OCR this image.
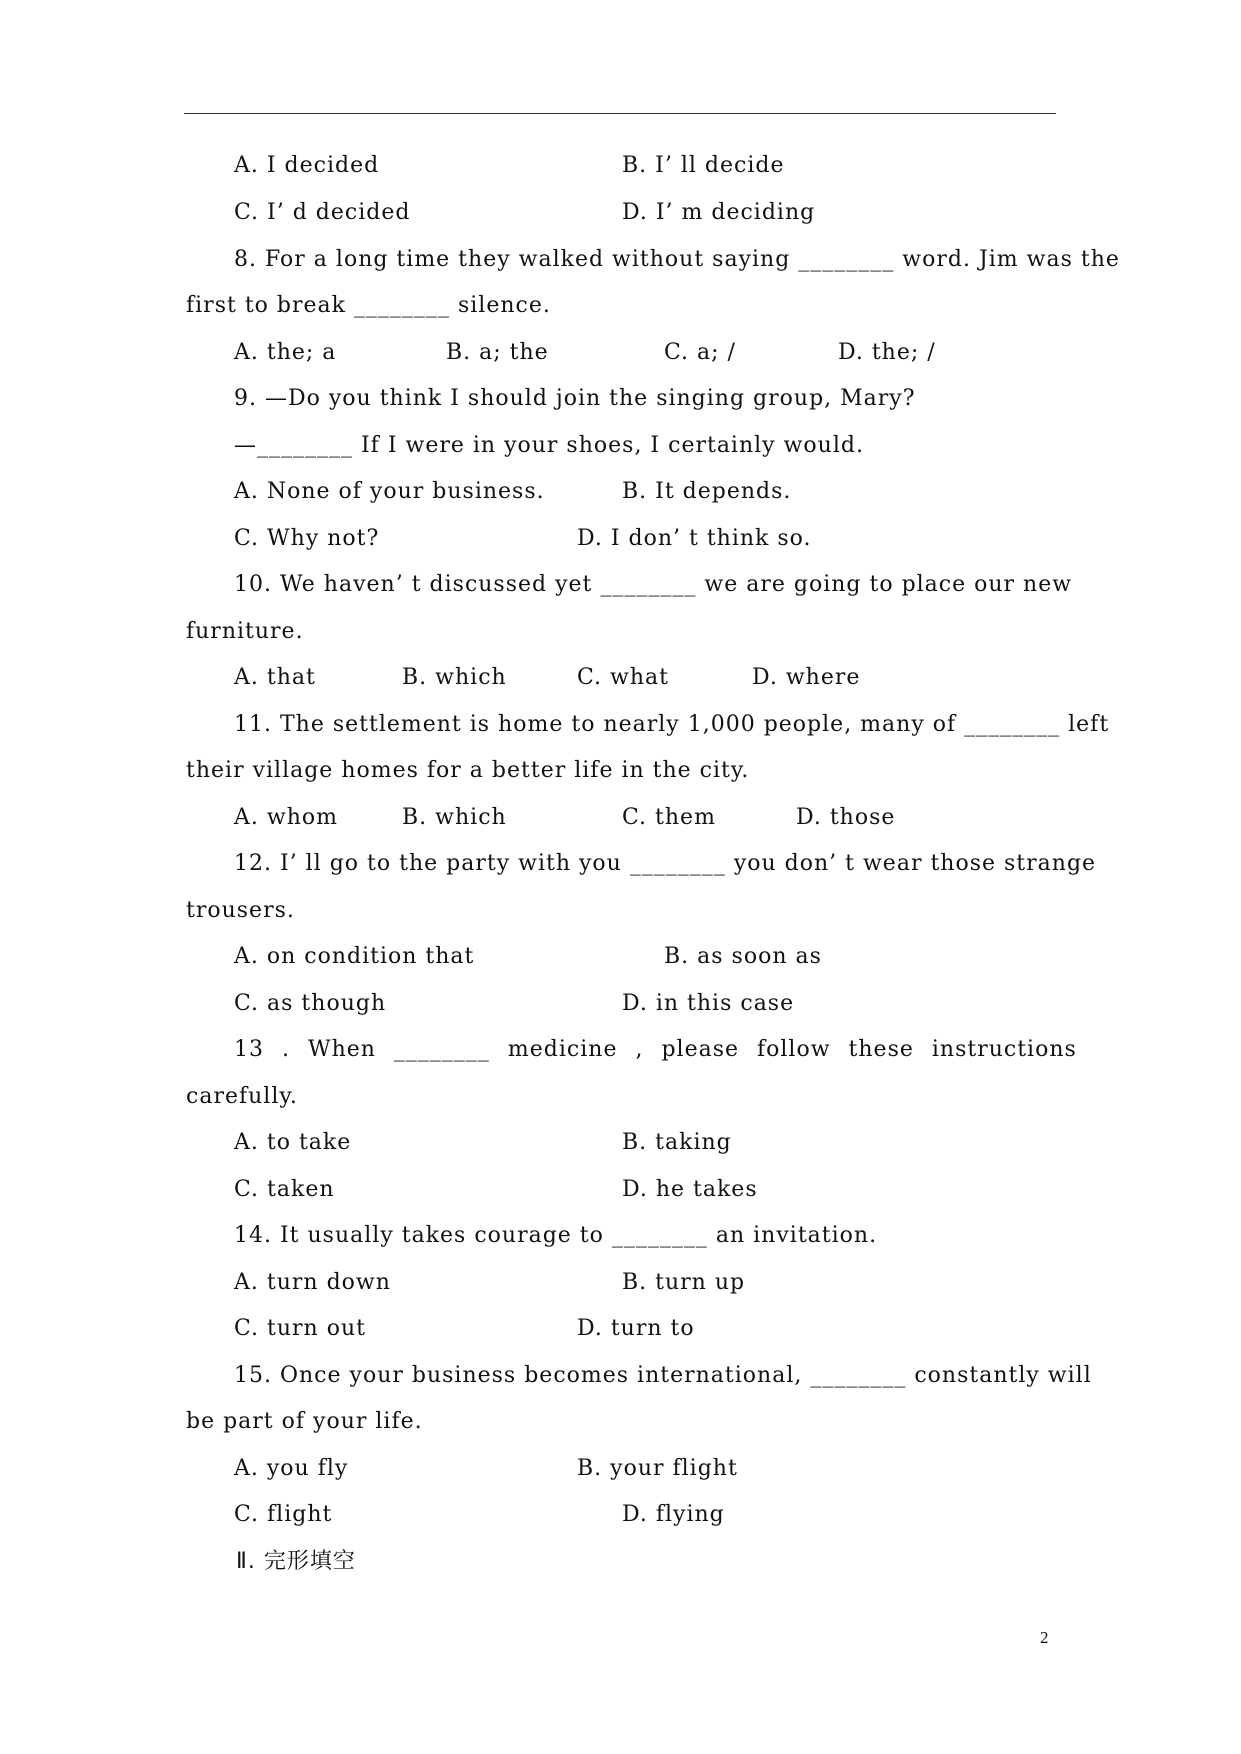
A. I decided	B. I’ ll decide
C. I’ d decided	D. I’ m deciding
8. For a long time they walked without saying ________ word. Jim was the
first to break ________ silence.
A. the; a	B. a; the	C. a; /	D. the; /
9. —Do you think I should join the singing group, Mary?
—________ If I were in your shoes, I certainly would.
A. None of your business.	B. It depends.
C. Why not?	D. I don’ t think so.
10. We haven’ t discussed yet ________ we are going to place our new
furniture.
A. that	B. which	C. what	D. where
11. The settlement is home to nearly 1,000 people, many of ________ left
their village homes for a better life in the city.
A. whom	B. which	C. them	D. those
12. I’ ll go to the party with you ________ you don’ t wear those strange
trousers.
A. on condition that	B. as soon as
C. as though	D. in this case
13 . When ________ medicine , please follow these instructions
carefully.
A. to take	B. taking
C. taken	D. he takes
14. It usually takes courage to ________ an invitation.
A. turn down	B. turn up
C. turn out	D. turn to
15. Once your business becomes international, ________ constantly will
be part of your life.
A. you fly	B. your flight
C. flight	D. flying
Ⅱ. 完形填空
2
